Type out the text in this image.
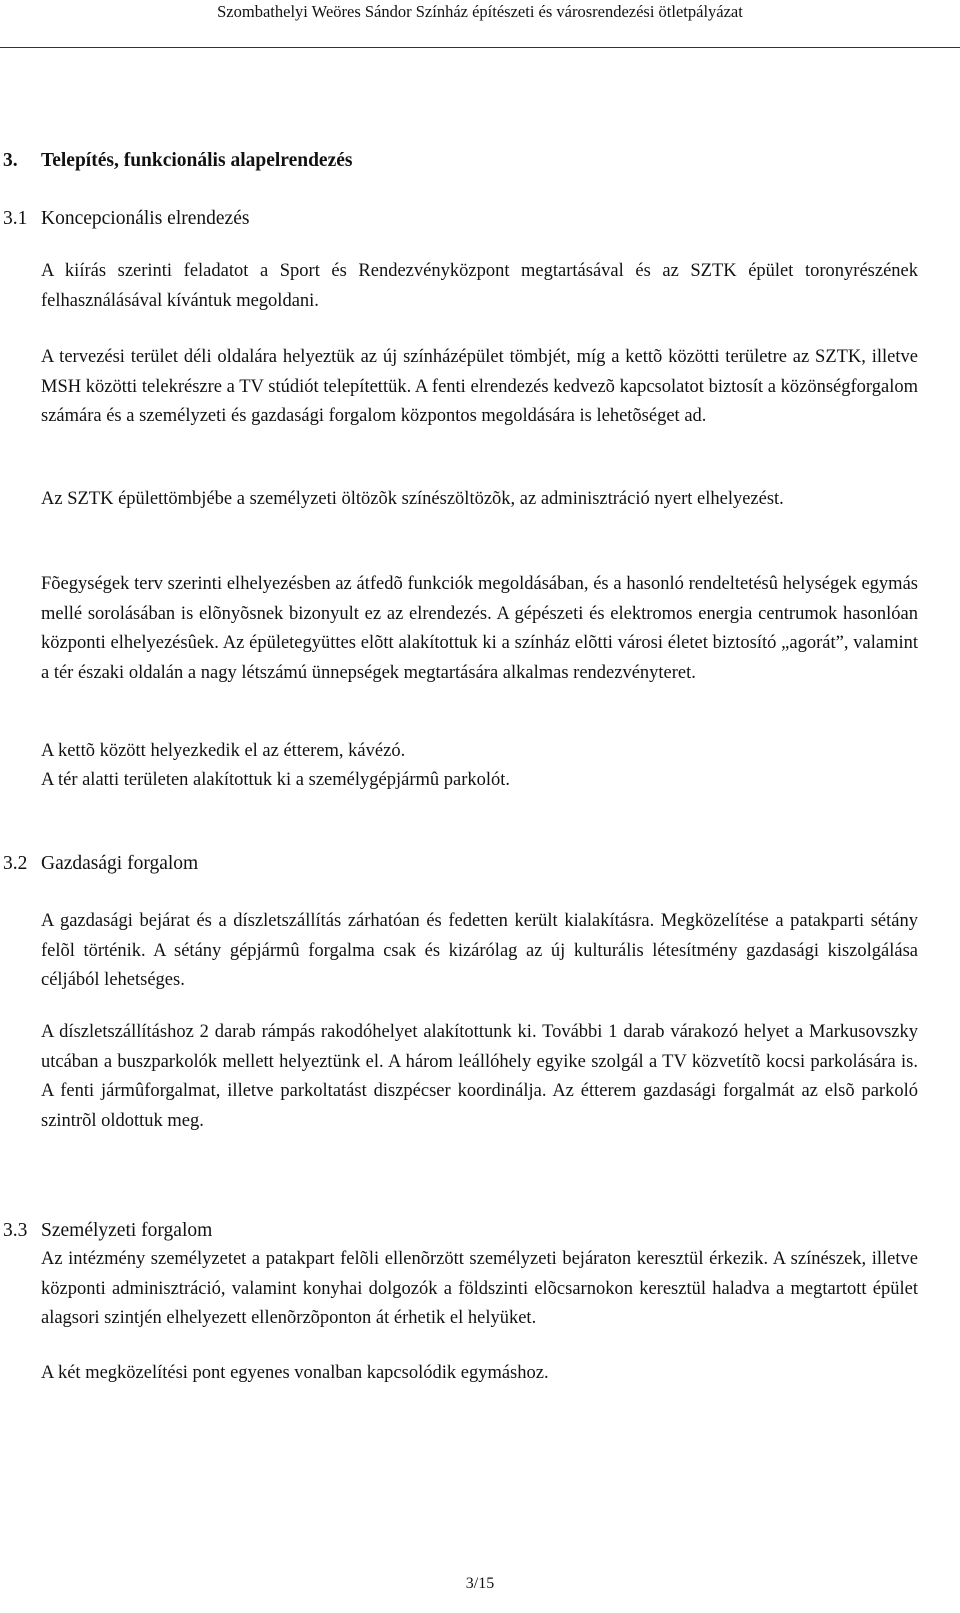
Szombathelyi Weöres Sándor Színház építészeti és városrendezési ötletpályázat
3. Telepítés, funkcionális alapelrendezés
3.1 Koncepcionális elrendezés
A kiírás szerinti feladatot a Sport és Rendezvényközpont megtartásával és az SZTK épület toronyrészének felhasználásával kívántuk megoldani.
A tervezési terület déli oldalára helyeztük az új színházépület tömbjét, míg a kettõ közötti területre az SZTK, illetve MSH közötti telekrészre a TV stúdiót telepítettük. A fenti elrendezés kedvezõ kapcsolatot biztosít a közönségforgalom számára és a személyzeti és gazdasági forgalom központos megoldására is lehetõséget ad.
Az SZTK épülettömbjébe a személyzeti öltözõk színészöltözõk, az adminisztráció nyert elhelyezést.
Fõegységek terv szerinti elhelyezésben az átfedõ funkciók megoldásában, és a hasonló rendeltetésû helységek egymás mellé sorolásában is elõnyõsnek bizonyult ez az elrendezés. A gépészeti és elektromos energia centrumok hasonlóan központi elhelyezésûek. Az épületegyüttes elõtt alakítottuk ki a színház elõtti városi életet biztosító „agorát”, valamint a tér északi oldalán a nagy létszámú ünnepségek megtartására alkalmas rendezvényteret.
A kettõ között helyezkedik el az étterem, kávézó.
A tér alatti területen alakítottuk ki a személygépjármû parkolót.
3.2 Gazdasági forgalom
A gazdasági bejárat és a díszletszállítás zárhatóan és fedetten került kialakításra. Megközelítése a patakparti sétány felõl történik. A sétány gépjármû forgalma csak és kizárólag az új kulturális létesítmény gazdasági kiszolgálása céljából lehetséges.
A díszletszállításhoz 2 darab rámpás rakodóhelyet alakítottunk ki. További 1 darab várakozó helyet a Markusovszky utcában a buszparkolók mellett helyeztünk el. A három leállóhely egyike szolgál a TV közvetítõ kocsi parkolására is. A fenti jármûforgalmat, illetve parkoltatást diszpécser koordinálja. Az étterem gazdasági forgalmát az elsõ parkoló szintrõl oldottuk meg.
3.3 Személyzeti forgalom
Az intézmény személyzetet a patakpart felõli ellenõrzött személyzeti bejáraton keresztül érkezik. A színészek, illetve központi adminisztráció, valamint konyhai dolgozók a földszinti elõcsarnokon keresztül haladva a megtartott épület alagsori szintjén elhelyezett ellenõrzõponton át érhetik el helyüket.
A két megközelítési pont egyenes vonalban kapcsolódik egymáshoz.
3/15
